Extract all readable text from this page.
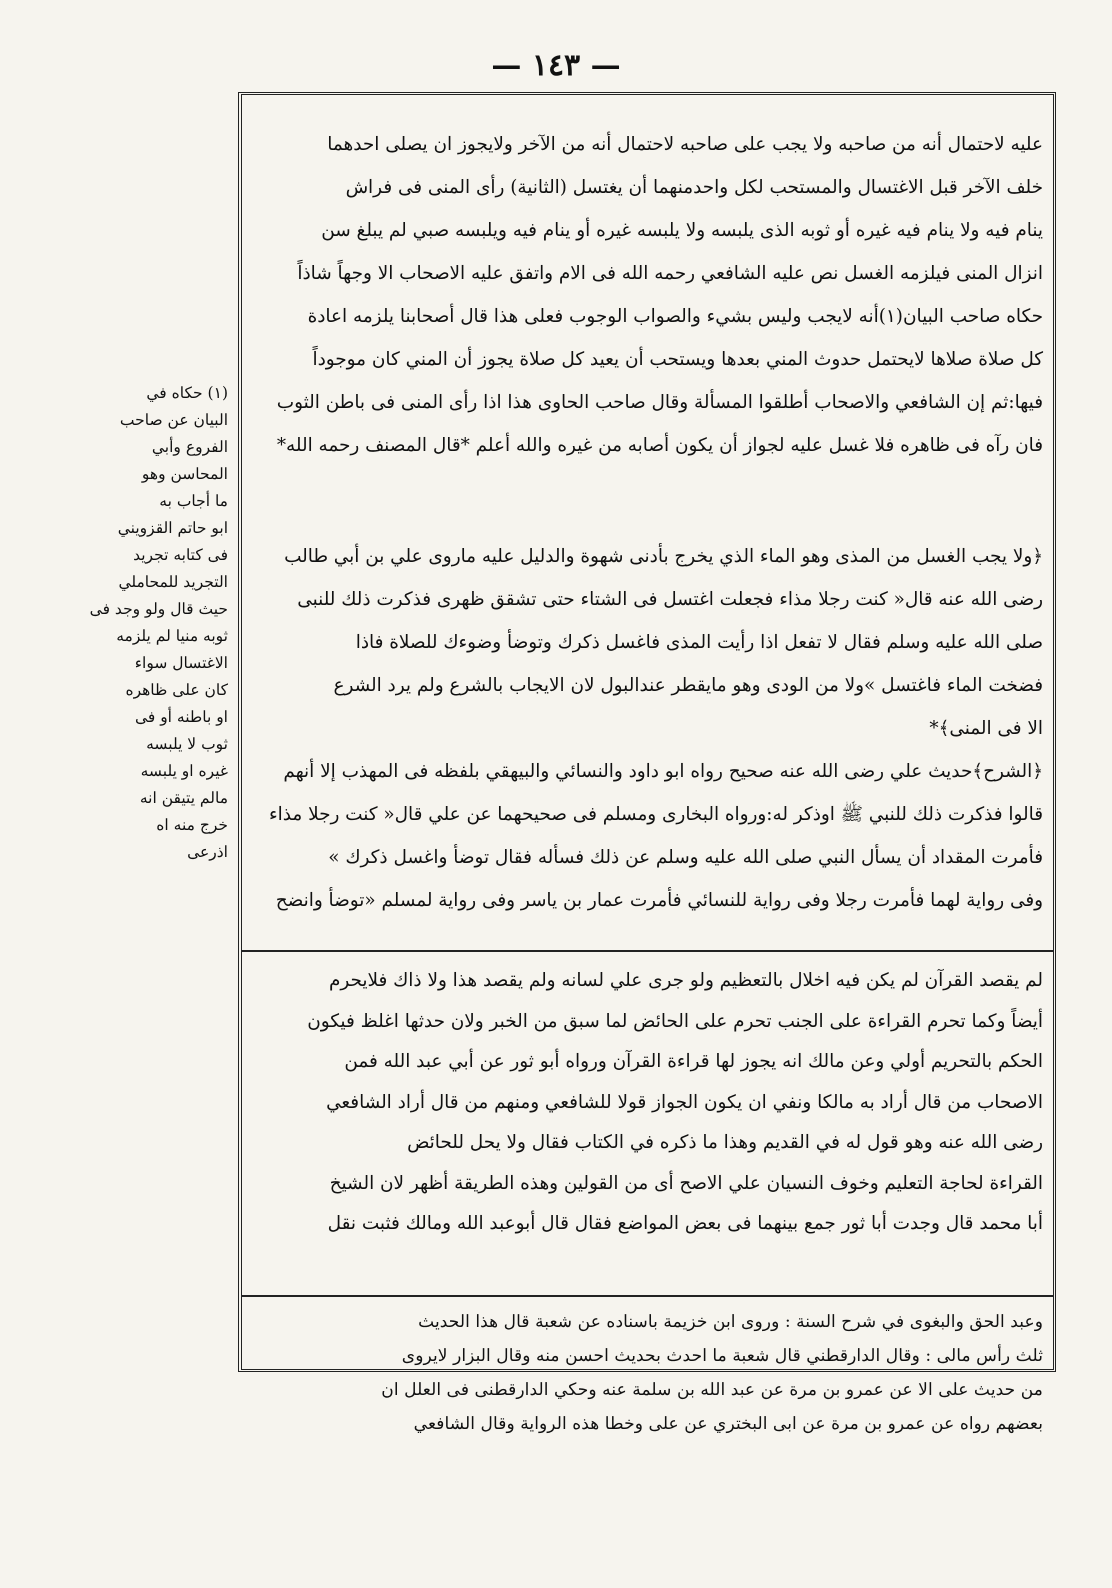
— ١٤٣ —
(١) حكاه في
البيان عن صاحب
الفروع وأبي
المحاسن وهو
ما أجاب به
ابو حاتم القزويني
فى كتابه تجريد
التجريد للمحاملي
حيث قال ولو وجد فى
ثوبه منيا لم يلزمه
الاغتسال سواء
كان على ظاهره
او باطنه أو فى
ثوب لا يلبسه
غيره او يلبسه
مالم يتيقن انه
خرج منه اه
اذرعى

عليه لاحتمال أنه من صاحبه ولا يجب على صاحبه لاحتمال أنه من الآخر ولايجوز ان يصلى احدهما

خلف الآخر قبل الاغتسال والمستحب لكل واحدمنهما أن يغتسل (الثانية) رأى المنى فى فراش

ينام فيه ولا ينام فيه غيره أو ثوبه الذى يلبسه ولا يلبسه غيره أو ينام فيه ويلبسه صبي لم يبلغ سن

انزال المنى فيلزمه الغسل نص عليه الشافعي رحمه الله فى الام واتفق عليه الاصحاب الا وجهاً شاذاً

حكاه صاحب البيان(١)أنه لايجب وليس بشيء والصواب الوجوب فعلى هذا قال أصحابنا يلزمه اعادة

كل صلاة صلاها لايحتمل حدوث المني بعدها ويستحب أن يعيد كل صلاة يجوز أن المني كان موجوداً

فيها:ثم إن الشافعي والاصحاب أطلقوا المسألة وقال صاحب الحاوى هذا اذا رأى المنى فى باطن الثوب

فان رآه فى ظاهره فلا غسل عليه لجواز أن يكون أصابه من غيره والله أعلم *قال المصنف رحمه الله*

﴿ولا يجب الغسل من المذى وهو الماء الذي يخرج بأدنى شهوة والدليل عليه ماروى علي بن أبي طالب

رضى الله عنه قال« كنت رجلا مذاء فجعلت اغتسل فى الشتاء حتى تشقق ظهرى فذكرت ذلك للنبى

صلى الله عليه وسلم فقال لا تفعل اذا رأيت المذى فاغسل ذكرك وتوضأ وضوءك للصلاة فاذا

فضخت الماء فاغتسل »ولا من الودى وهو مايقطر عندالبول لان الايجاب بالشرع ولم يرد الشرع

الا فى المنى﴾*

﴿الشرح﴾حديث علي رضى الله عنه صحيح رواه ابو داود والنسائي والبيهقي بلفظه فى المهذب إلا أنهم

قالوا فذكرت ذلك للنبي ﷺ اوذكر له:ورواه البخارى ومسلم فى صحيحهما عن علي قال« كنت رجلا مذاء

فأمرت المقداد أن يسأل النبي صلى الله عليه وسلم عن ذلك فسأله فقال توضأ واغسل ذكرك »

وفى رواية لهما فأمرت رجلا وفى رواية للنسائي فأمرت عمار بن ياسر وفى رواية لمسلم «توضأ وانضح

لم يقصد القرآن لم يكن فيه اخلال بالتعظيم ولو جرى علي لسانه ولم يقصد هذا ولا ذاك فلايحرم

أيضاً وكما تحرم القراءة على الجنب تحرم على الحائض لما سبق من الخبر ولان حدثها اغلظ فيكون

الحكم بالتحريم أولي وعن مالك انه يجوز لها قراءة القرآن ورواه أبو ثور عن أبي عبد الله فمن

الاصحاب من قال أراد به مالكا ونفي ان يكون الجواز قولا للشافعي ومنهم من قال أراد الشافعي

رضى الله عنه وهو قول له في القديم وهذا ما ذكره في الكتاب فقال ولا يحل للحائض

القراءة لحاجة التعليم وخوف النسيان علي الاصح أى من القولين وهذه الطريقة أظهر لان الشيخ

أبا محمد قال وجدت أبا ثور جمع بينهما فى بعض المواضع فقال قال أبوعبد الله ومالك فثبت نقل

وعبد الحق والبغوى في شرح السنة : وروى ابن خزيمة باسناده عن شعبة قال هذا الحديث

ثلث رأس مالى : وقال الدارقطني قال شعبة ما احدث بحديث احسن منه وقال البزار لايروى

من حديث على الا عن عمرو بن مرة عن عبد الله بن سلمة عنه وحكي الدارقطنى فى العلل ان

بعضهم رواه عن عمرو بن مرة عن ابى البختري عن على وخطا هذه الرواية وقال الشافعي
